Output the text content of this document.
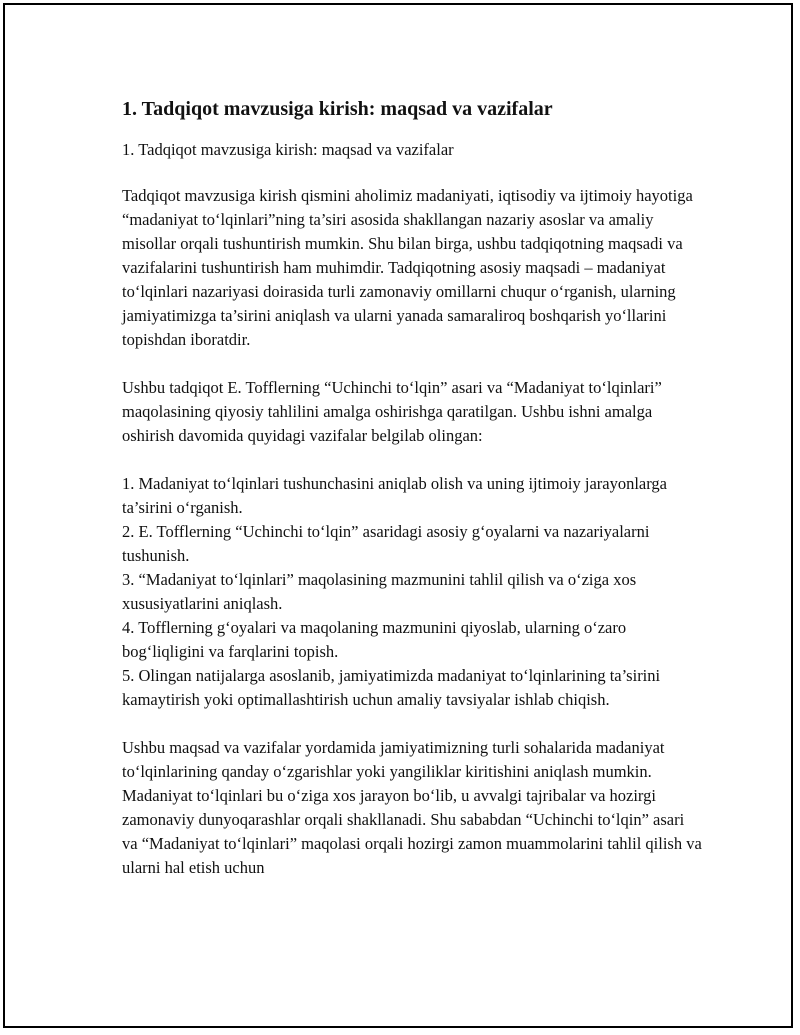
1. Tadqiqot mavzusiga kirish: maqsad va vazifalar
1. Tadqiqot mavzusiga kirish: maqsad va vazifalar

Tadqiqot mavzusiga kirish qismini aholimiz madaniyati, iqtisodiy va ijtimoiy hayotiga “madaniyat to‘lqinlari”ning ta’siri asosida shakllangan nazariy asoslar va amaliy misollar orqali tushuntirish mumkin. Shu bilan birga, ushbu tadqiqotning maqsadi va vazifalarini tushuntirish ham muhimdir. Tadqiqotning asosiy maqsadi – madaniyat to‘lqinlari nazariyasi doirasida turli zamonaviy omillarni chuqur o‘rganish, ularning jamiyatimizga ta’sirini aniqlash va ularni yanada samaraliroq boshqarish yo‘llarini topishdan iboratdir.

Ushbu tadqiqot E. Tofflerning “Uchinchi to‘lqin” asari va “Madaniyat to‘lqinlari” maqolasining qiyosiy tahlilini amalga oshirishga qaratilgan. Ushbu ishni amalga oshirish davomida quyidagi vazifalar belgilab olingan:

1. Madaniyat to‘lqinlari tushunchasini aniqlab olish va uning ijtimoiy jarayonlarga ta’sirini o‘rganish.
2. E. Tofflerning “Uchinchi to‘lqin” asaridagi asosiy g‘oyalarni va nazariyalarni tushunish.
3. “Madaniyat to‘lqinlari” maqolasining mazmunini tahlil qilish va o‘ziga xos xususiyatlarini aniqlash.
4. Tofflerning g‘oyalari va maqolaning mazmunini qiyoslab, ularning o‘zaro bog‘liqligini va farqlarini topish.
5. Olingan natijalarga asoslanib, jamiyatimizda madaniyat to‘lqinlarining ta’sirini kamaytirish yoki optimallashtirish uchun amaliy tavsiyalar ishlab chiqish.

Ushbu maqsad va vazifalar yordamida jamiyatimizning turli sohalarida madaniyat to‘lqinlarining qanday o‘zgarishlar yoki yangiliklar kiritishini aniqlash mumkin. Madaniyat to‘lqinlari bu o‘ziga xos jarayon bo‘lib, u avvalgi tajribalar va hozirgi zamonaviy dunyoqarashlar orqali shakllanadi. Shu sababdan “Uchinchi to‘lqin” asari va “Madaniyat to‘lqinlari” maqolasi orqali hozirgi zamon muammolarini tahlil qilish va ularni hal etish uchun
